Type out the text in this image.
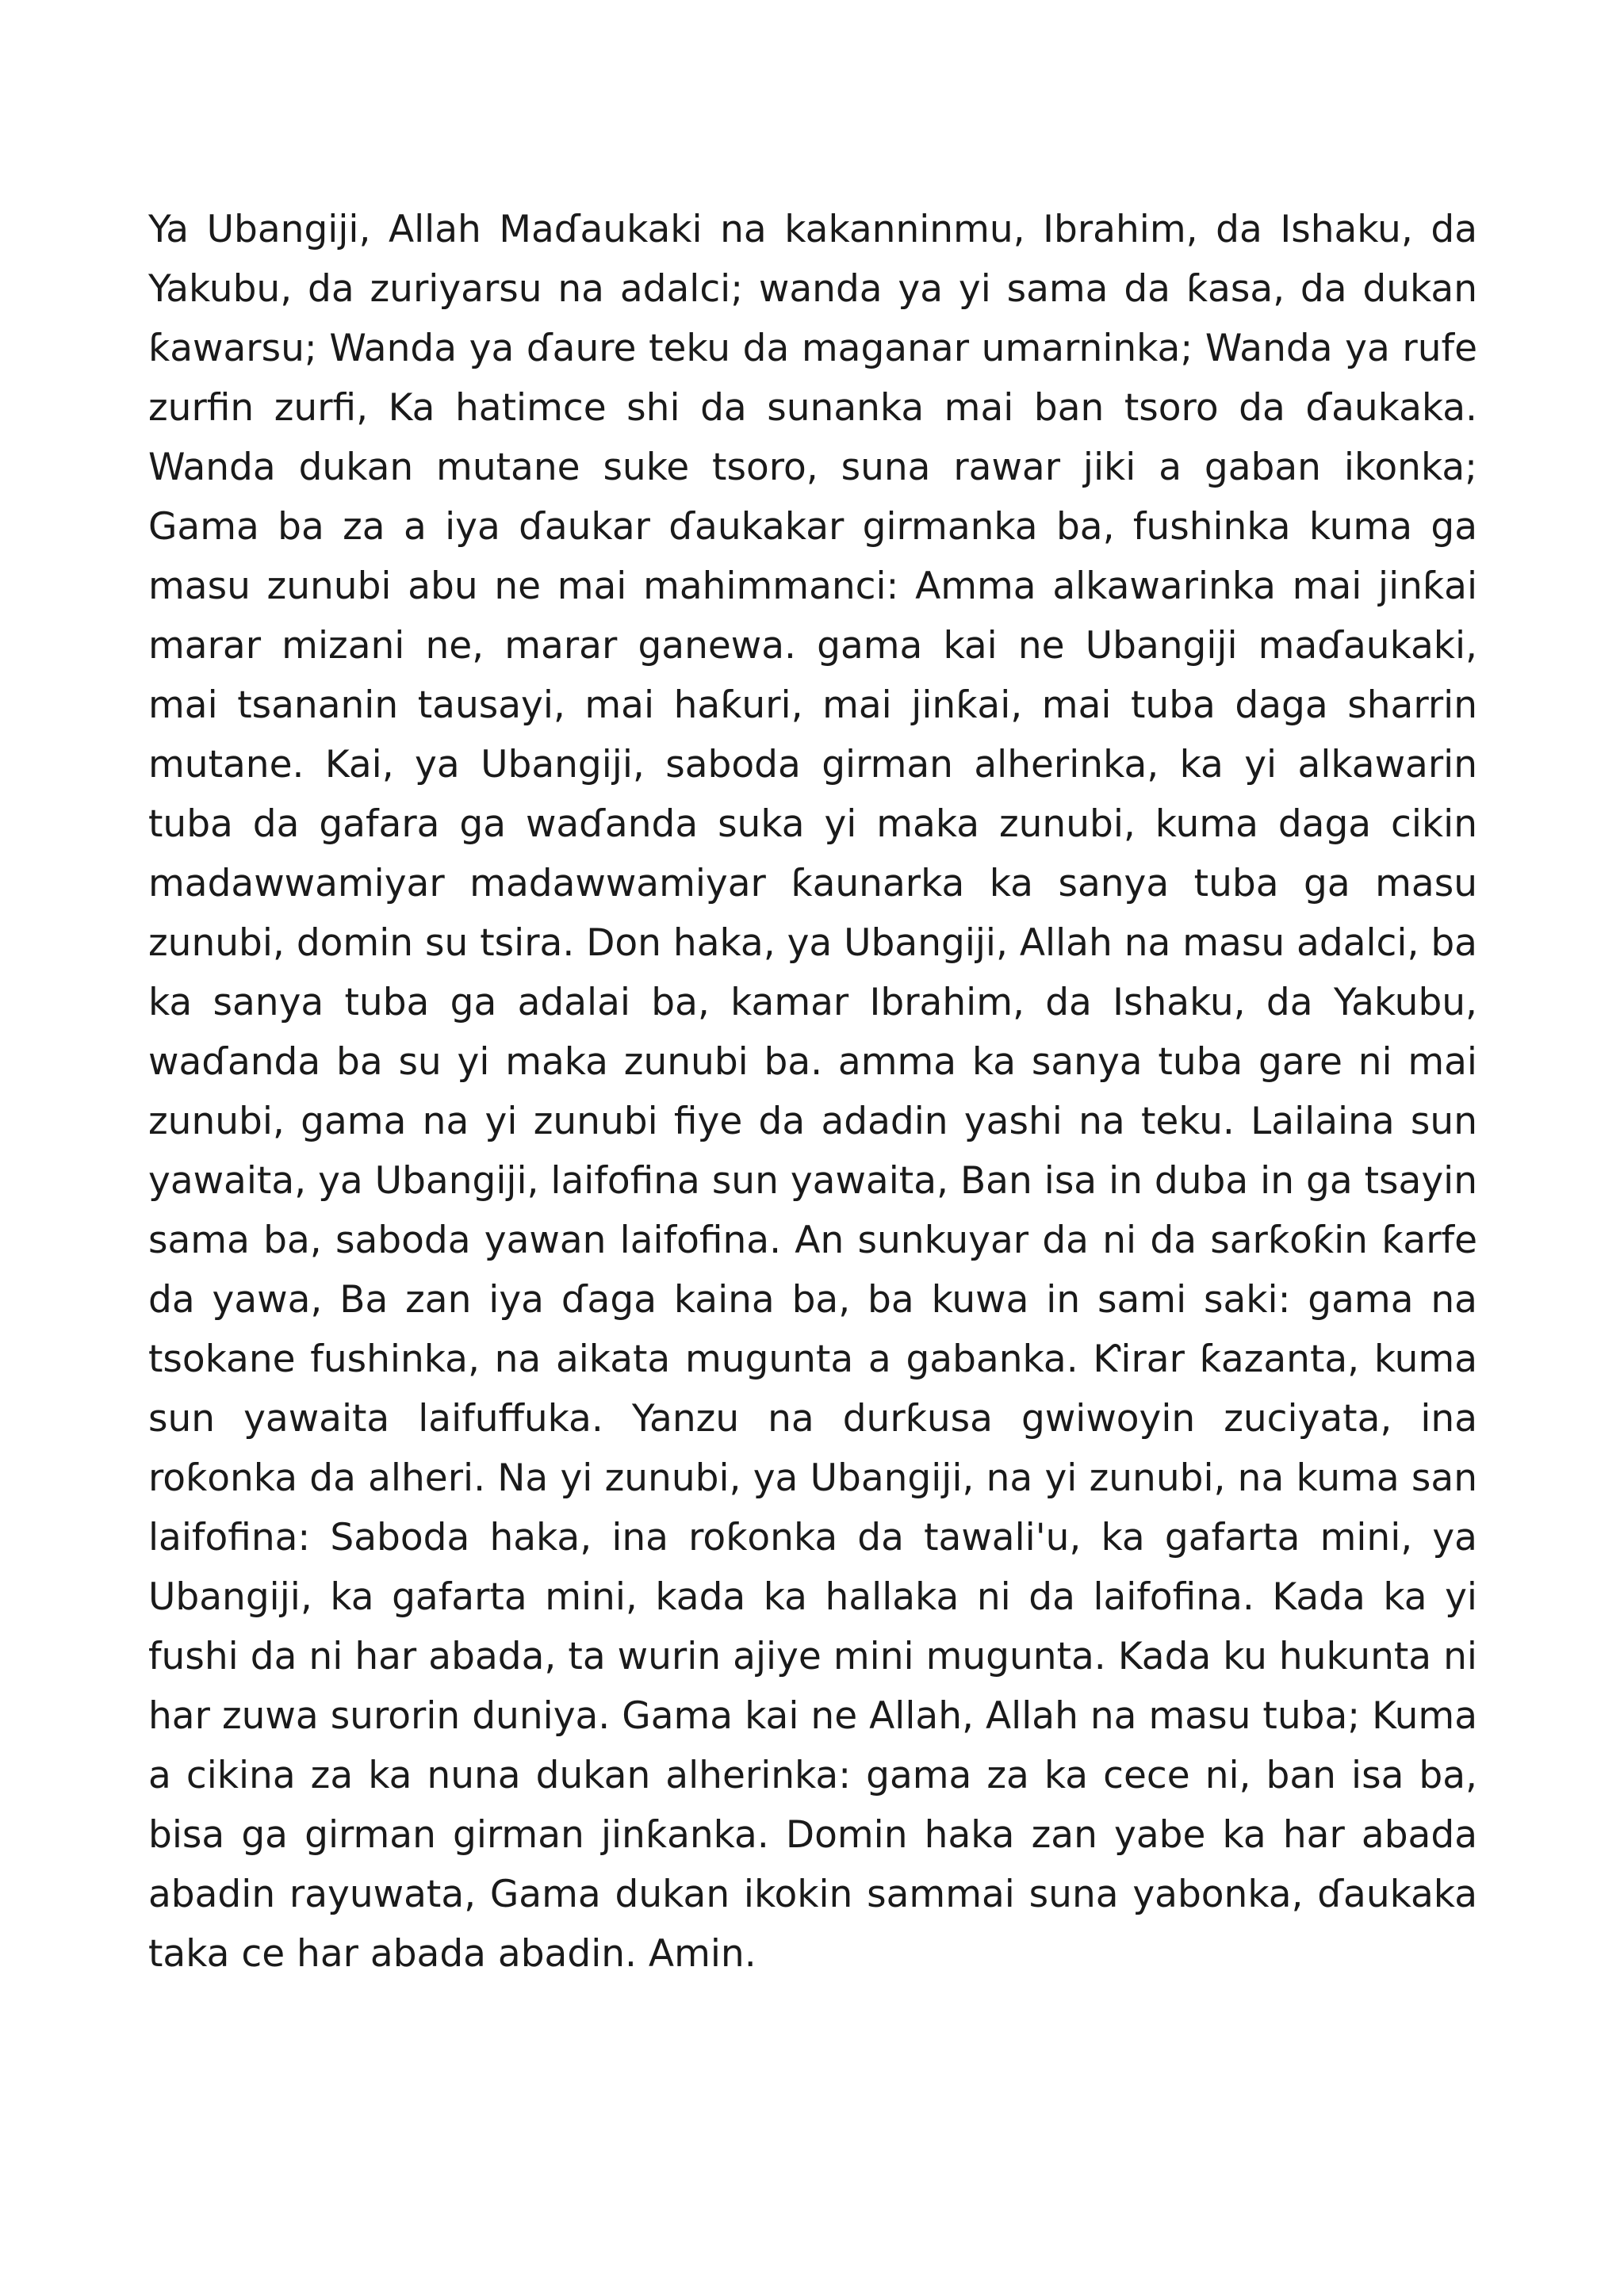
Ya Ubangiji, Allah Maɗaukaki na kakanninmu, Ibrahim, da Ishaku, da Yakubu, da zuriyarsu na adalci; wanda ya yi sama da ƙasa, da dukan ƙawarsu; Wanda ya ɗaure teku da maganar umarninka; Wanda ya rufe zurfin zurfi, Ka hatimce shi da sunanka mai ban tsoro da ɗaukaka. Wanda dukan mutane suke tsoro, suna rawar jiki a gaban ikonka; Gama ba za a iya ɗaukar ɗaukakar girmanka ba, fushinka kuma ga masu zunubi abu ne mai mahimmanci: Amma alkawarinka mai jinƙai marar mizani ne, marar ganewa. gama kai ne Ubangiji maɗaukaki, mai tsananin tausayi, mai haƙuri, mai jinƙai, mai tuba daga sharrin mutane. Kai, ya Ubangiji, saboda girman alherinka, ka yi alkawarin tuba da gafara ga waɗanda suka yi maka zunubi, kuma daga cikin madawwamiyar madawwamiyar ƙaunarka ka sanya tuba ga masu zunubi, domin su tsira. Don haka, ya Ubangiji, Allah na masu adalci, ba ka sanya tuba ga adalai ba, kamar Ibrahim, da Ishaku, da Yakubu, waɗanda ba su yi maka zunubi ba. amma ka sanya tuba gare ni mai zunubi, gama na yi zunubi fiye da adadin yashi na teku. Lailaina sun yawaita, ya Ubangiji, laifofina sun yawaita, Ban isa in duba in ga tsayin sama ba, saboda yawan laifofina. An sunkuyar da ni da sarƙoƙin ƙarfe da yawa, Ba zan iya ɗaga kaina ba, ba kuwa in sami saki: gama na tsokane fushinka, na aikata mugunta a gabanka. Ƙirar ƙazanta, kuma sun yawaita laifuffuka. Yanzu na durƙusa gwiwoyin zuciyata, ina roƙonka da alheri. Na yi zunubi, ya Ubangiji, na yi zunubi, na kuma san laifofina: Saboda haka, ina roƙonka da tawali'u, ka gafarta mini, ya Ubangiji, ka gafarta mini, kada ka hallaka ni da laifofina. Kada ka yi fushi da ni har abada, ta wurin ajiye mini mugunta. Kada ku hukunta ni har zuwa surorin duniya. Gama kai ne Allah, Allah na masu tuba; Kuma a cikina za ka nuna dukan alherinka: gama za ka cece ni, ban isa ba, bisa ga girman girman jinƙanka. Domin haka zan yabe ka har abada abadin rayuwata, Gama dukan ikokin sammai suna yabonka, ɗaukaka taka ce har abada abadin. Amin.
